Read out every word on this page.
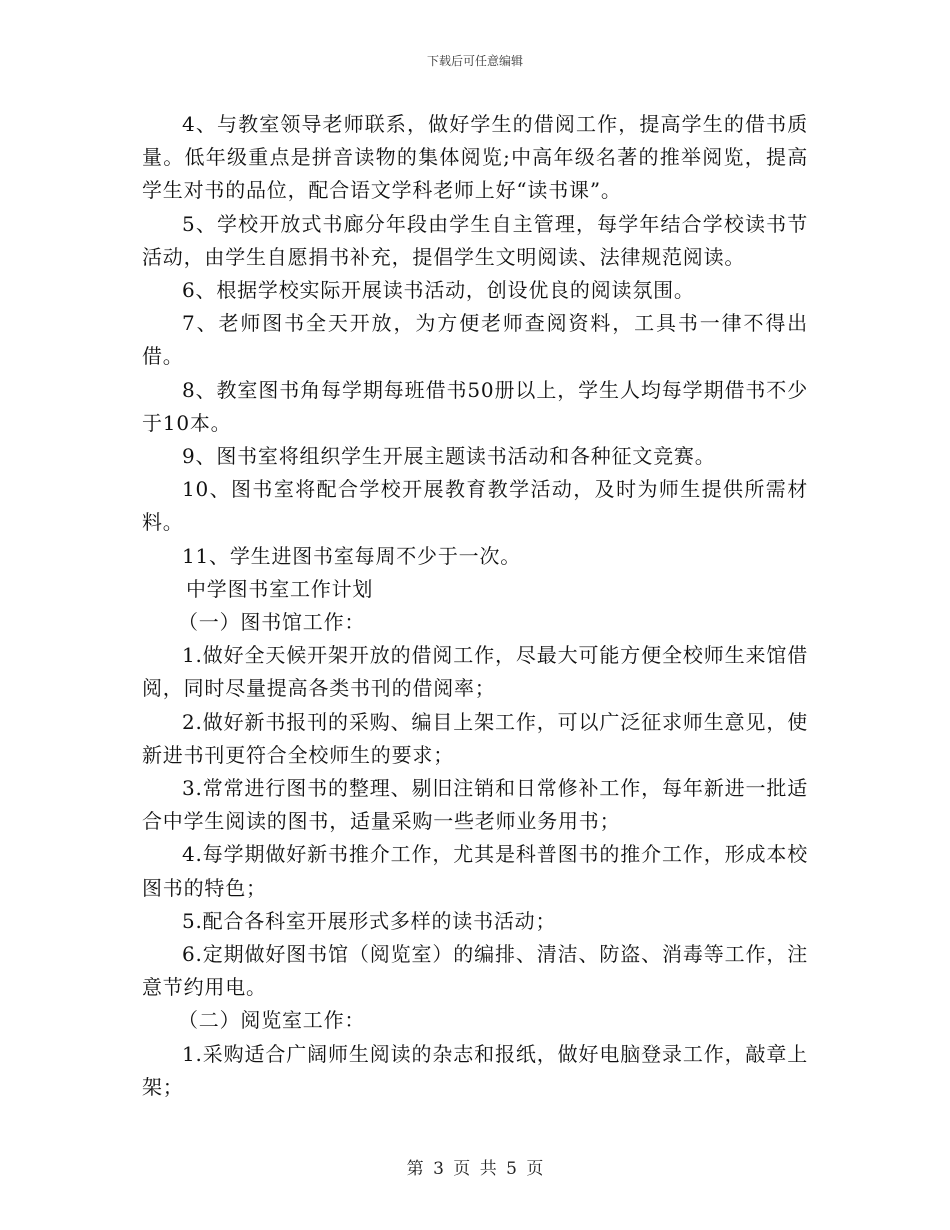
下载后可任意编辑

4、与教室领导老师联系，做好学生的借阅工作，提高学生的借书质量。低年级重点是拼音读物的集体阅览;中高年级名著的推举阅览，提高学生对书的品位，配合语文学科老师上好“读书课”。

5、学校开放式书廊分年段由学生自主管理，每学年结合学校读书节活动，由学生自愿捐书补充，提倡学生文明阅读、法律规范阅读。

6、根据学校实际开展读书活动，创设优良的阅读氛围。

7、老师图书全天开放，为方便老师查阅资料，工具书一律不得出借。

8、教室图书角每学期每班借书50册以上，学生人均每学期借书不少于10本。

9、图书室将组织学生开展主题读书活动和各种征文竞赛。

10、图书室将配合学校开展教育教学活动，及时为师生提供所需材料。

11、学生进图书室每周不少于一次。

中学图书室工作计划

（一）图书馆工作：

1.做好全天候开架开放的借阅工作，尽最大可能方便全校师生来馆借阅，同时尽量提高各类书刊的借阅率；

2.做好新书报刊的采购、编目上架工作，可以广泛征求师生意见，使新进书刊更符合全校师生的要求；

3.常常进行图书的整理、剔旧注销和日常修补工作，每年新进一批适合中学生阅读的图书，适量采购一些老师业务用书；

4.每学期做好新书推介工作，尤其是科普图书的推介工作，形成本校图书的特色；

5.配合各科室开展形式多样的读书活动；

6.定期做好图书馆（阅览室）的编排、清洁、防盗、消毒等工作，注意节约用电。

（二）阅览室工作：

1.采购适合广阔师生阅读的杂志和报纸，做好电脑登录工作，敲章上架；

第 3 页 共 5 页
